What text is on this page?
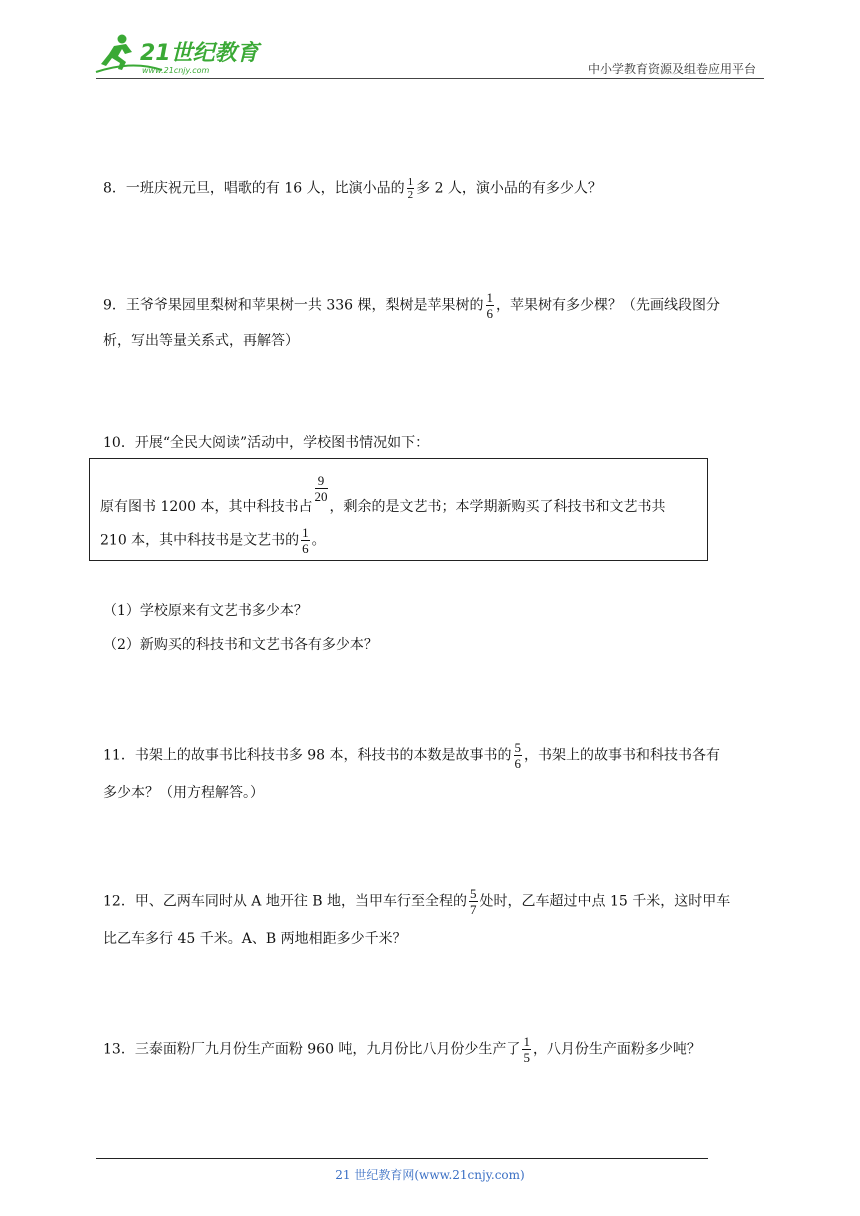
21世纪教育
www.21cnjy.com	中小学教育资源及组卷应用平台
8．一班庆祝元旦，唱歌的有 16 人，比演小品的 $\frac{1}{2}$ 多 2 人，演小品的有多少人？
9．王爷爷果园里梨树和苹果树一共 336 棵，梨树是苹果树的 $\frac{1}{6}$ ，苹果树有多少棵？（先画线段图分
析，写出等量关系式，再解答）
10．开展“全民大阅读”活动中，学校图书情况如下：
原有图书 1200 本，其中科技书占
$\frac{9}{20}$
，剩余的是文艺书；本学期新购买了科技书和文艺书共
210 本，其中科技书是文艺书的 $\frac{1}{6}$ 。
（1）学校原来有文艺书多少本？
（2）新购买的科技书和文艺书各有多少本？
11．书架上的故事书比科技书多 98 本，科技书的本数是故事书的 $\frac{5}{6}$ ，书架上的故事书和科技书各有
多少本？（用方程解答。）
12．甲、乙两车同时从 A 地开往 B 地，当甲车行至全程的 $\frac{5}{7}$ 处时，乙车超过中点 15 千米，这时甲车
比乙车多行 45 千米。A、B 两地相距多少千米？
13．三泰面粉厂九月份生产面粉 960 吨，九月份比八月份少生产了 $\frac{1}{5}$ ，八月份生产面粉多少吨？
21 世纪教育网(www.21cnjy.com)
